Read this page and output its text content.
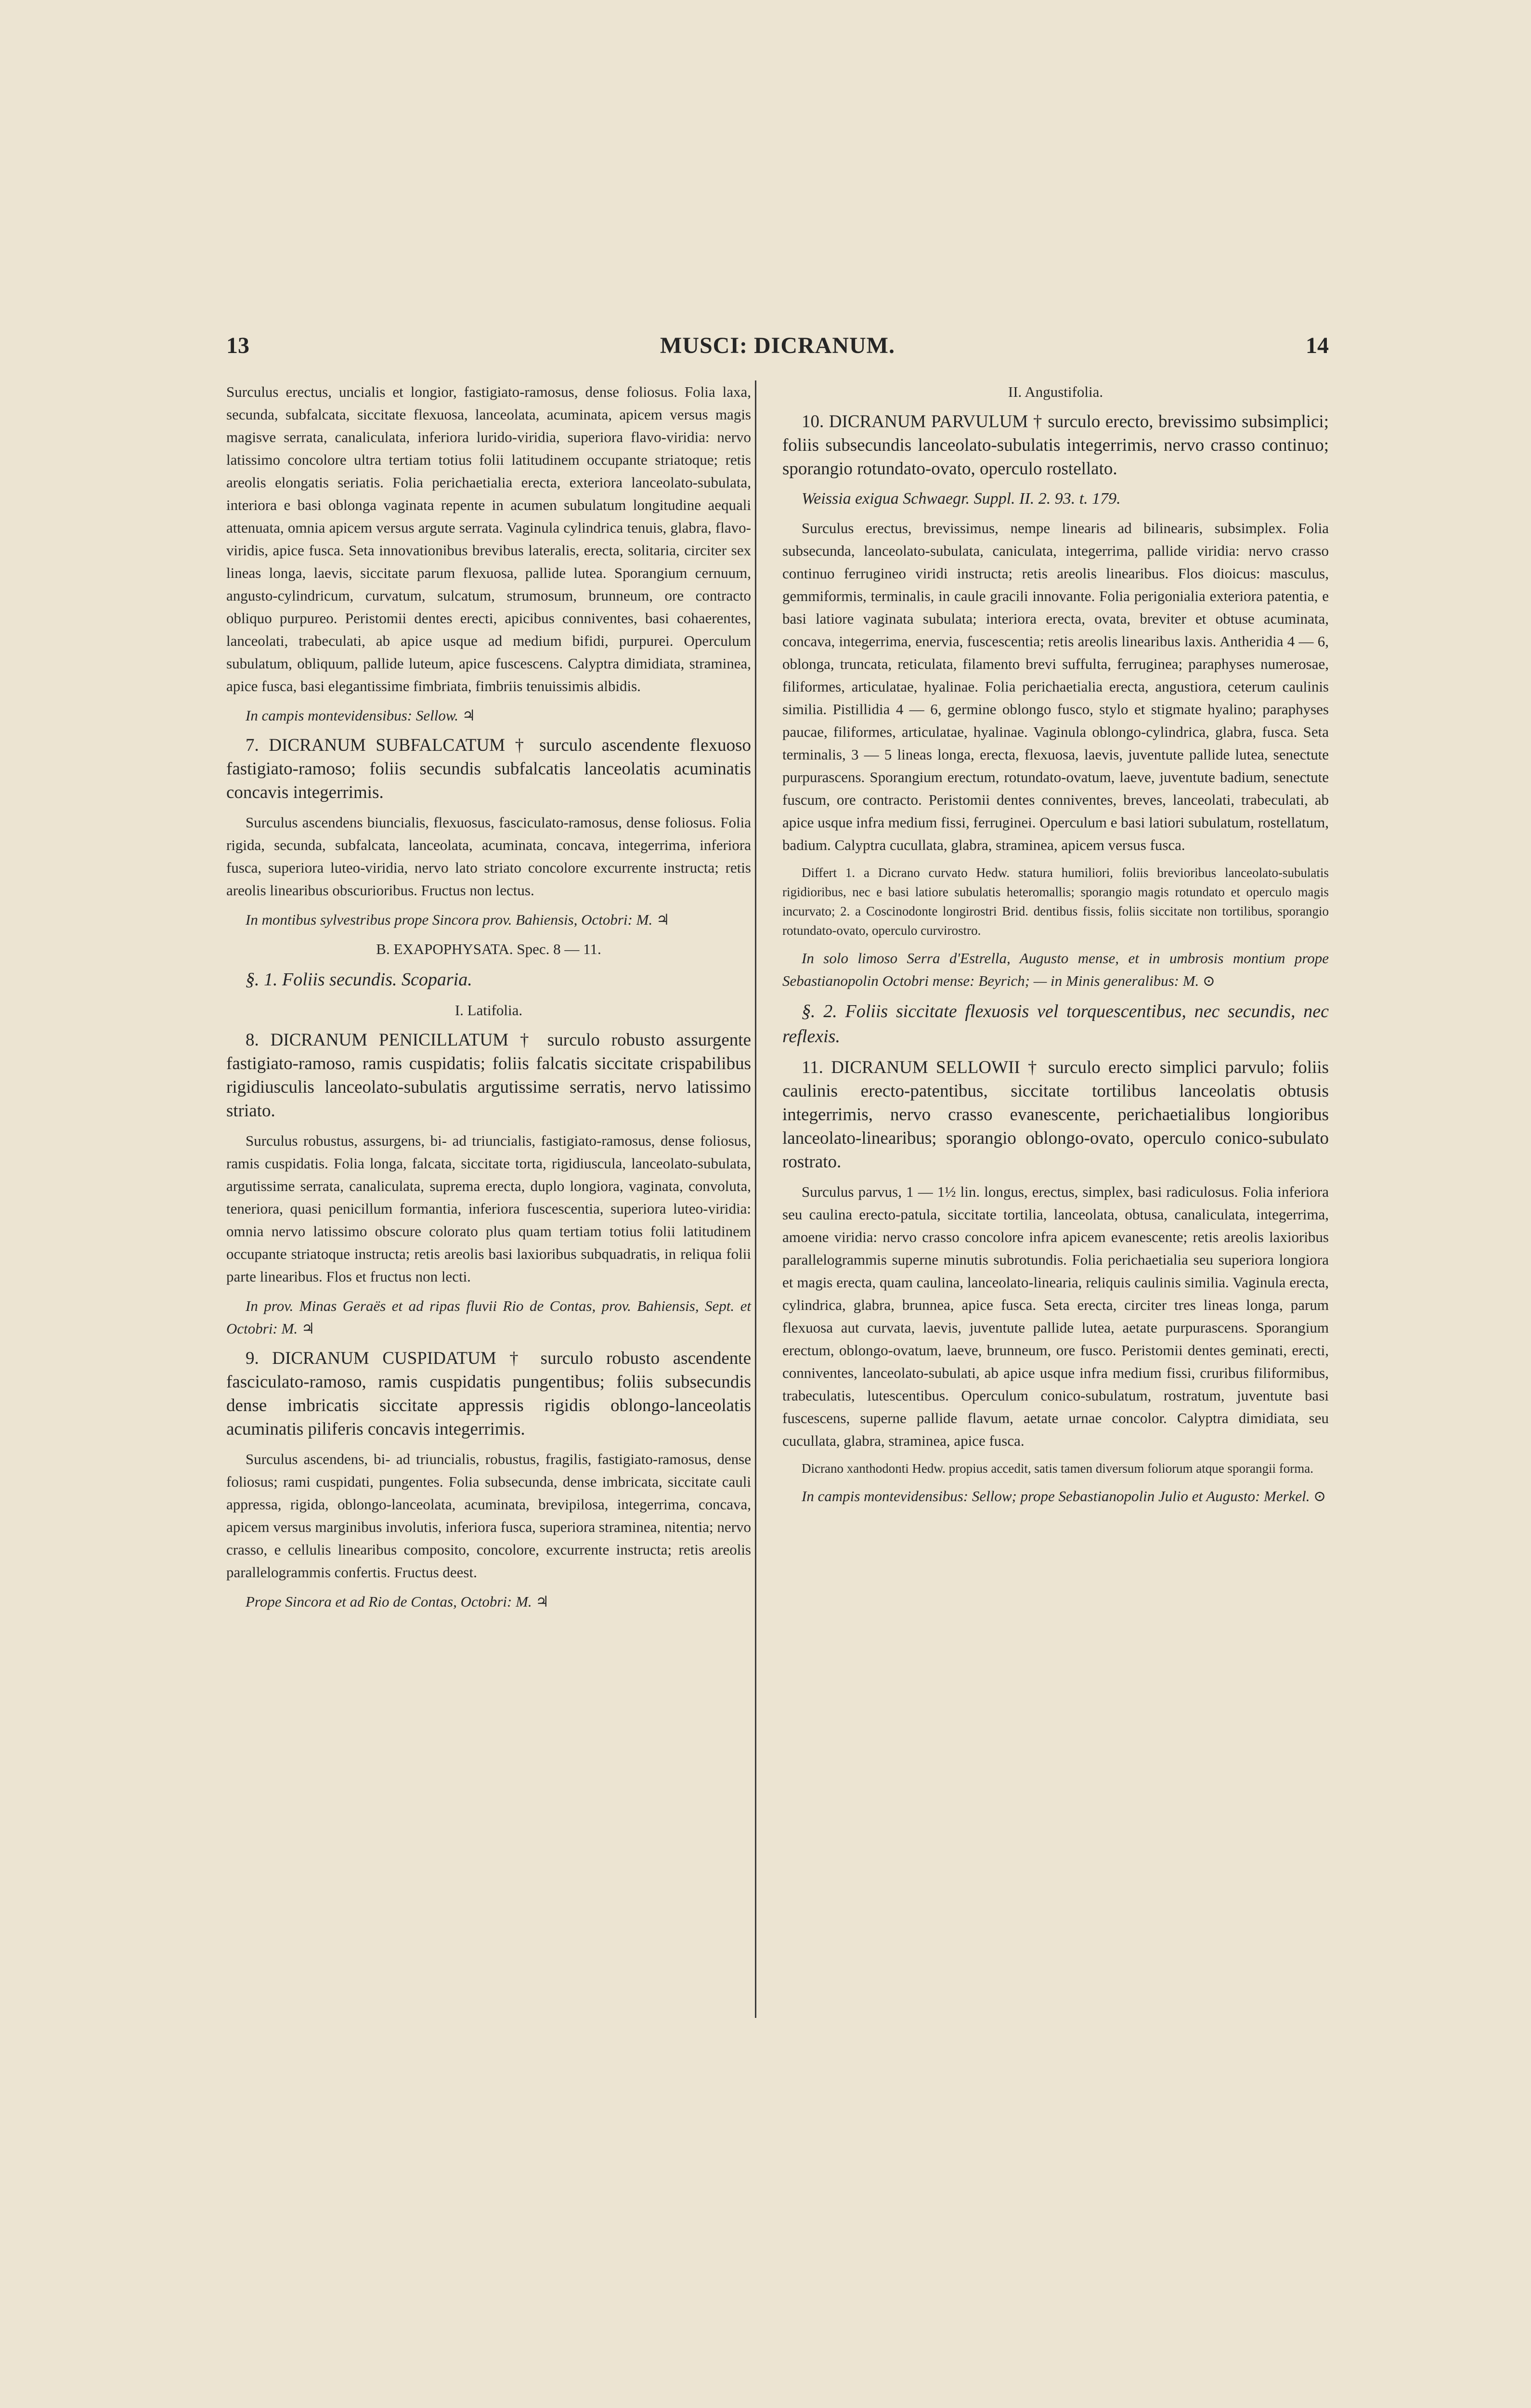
13	MUSCI: DICRANUM.	14

Surculus erectus, uncialis et longior, fastigiato-ramosus, dense foliosus. Folia laxa, secunda, subfalcata, siccitate flexuosa, lanceolata, acuminata, apicem versus magis magisve serrata, canaliculata, inferiora lurido-viridia, superiora flavo-viridia: nervo latissimo concolore ultra tertiam totius folii latitudinem occupante striatoque; retis areolis elongatis seriatis. Folia perichaetialia erecta, exteriora lanceolato-subulata, interiora e basi oblonga vaginata repente in acumen subulatum longitudine aequali attenuata, omnia apicem versus argute serrata. Vaginula cylindrica tenuis, glabra, flavo-viridis, apice fusca. Seta innovationibus brevibus lateralis, erecta, solitaria, circiter sex lineas longa, laevis, siccitate parum flexuosa, pallide lutea. Sporangium cernuum, angusto-cylindricum, curvatum, sulcatum, strumosum, brunneum, ore contracto obliquo purpureo. Peristomii dentes erecti, apicibus conniventes, basi cohaerentes, lanceolati, trabeculati, ab apice usque ad medium bifidi, purpurei. Operculum subulatum, obliquum, pallide luteum, apice fuscescens. Calyptra dimidiata, straminea, apice fusca, basi elegantissime fimbriata, fimbriis tenuissimis albidis.

In campis montevidensibus: Sellow. ♃

7. DICRANUM SUBFALCATUM † surculo ascendente flexuoso fastigiato-ramoso; foliis secundis subfalcatis lanceolatis acuminatis concavis integerrimis.

Surculus ascendens biuncialis, flexuosus, fasciculato-ramosus, dense foliosus. Folia rigida, secunda, subfalcata, lanceolata, acuminata, concava, integerrima, inferiora fusca, superiora luteo-viridia, nervo lato striato concolore excurrente instructa; retis areolis linearibus obscurioribus. Fructus non lectus.

In montibus sylvestribus prope Sincora prov. Bahiensis, Octobri: M. ♃

B. EXAPOPHYSATA. Spec. 8 — 11.

§. 1. Foliis secundis. Scoparia.

I. Latifolia.

8. DICRANUM PENICILLATUM † surculo robusto assurgente fastigiato-ramoso, ramis cuspidatis; foliis falcatis siccitate crispabilibus rigidiusculis lanceolato-subulatis argutissime serratis, nervo latissimo striato.

Surculus robustus, assurgens, bi- ad triuncialis, fastigiato-ramosus, dense foliosus, ramis cuspidatis. Folia longa, falcata, siccitate torta, rigidiuscula, lanceolato-subulata, argutissime serrata, canaliculata, suprema erecta, duplo longiora, vaginata, convoluta, teneriora, quasi penicillum formantia, inferiora fuscescentia, superiora luteo-viridia: omnia nervo latissimo obscure colorato plus quam tertiam totius folii latitudinem occupante striatoque instructa; retis areolis basi laxioribus subquadratis, in reliqua folii parte linearibus. Flos et fructus non lecti.

In prov. Minas Geraës et ad ripas fluvii Rio de Contas, prov. Bahiensis, Sept. et Octobri: M. ♃

9. DICRANUM CUSPIDATUM † surculo robusto ascendente fasciculato-ramoso, ramis cuspidatis pungentibus; foliis subsecundis dense imbricatis siccitate appressis rigidis oblongo-lanceolatis acuminatis piliferis concavis integerrimis.

Surculus ascendens, bi- ad triuncialis, robustus, fragilis, fastigiato-ramosus, dense foliosus; rami cuspidati, pungentes. Folia subsecunda, dense imbricata, siccitate cauli appressa, rigida, oblongo-lanceolata, acuminata, brevipilosa, integerrima, concava, apicem versus marginibus involutis, inferiora fusca, superiora straminea, nitentia; nervo crasso, e cellulis linearibus composito, concolore, excurrente instructa; retis areolis parallelogrammis confertis. Fructus deest.

Prope Sincora et ad Rio de Contas, Octobri: M. ♃

II. Angustifolia.

10. DICRANUM PARVULUM † surculo erecto, brevissimo subsimplici; foliis subsecundis lanceolato-subulatis integerrimis, nervo crasso continuo; sporangio rotundato-ovato, operculo rostellato.

Weissia exigua Schwaegr. Suppl. II. 2. 93. t. 179.

Surculus erectus, brevissimus, nempe linearis ad bilinearis, subsimplex. Folia subsecunda, lanceolato-subulata, caniculata, integerrima, pallide viridia: nervo crasso continuo ferrugineo viridi instructa; retis areolis linearibus. Flos dioicus: masculus, gemmiformis, terminalis, in caule gracili innovante. Folia perigonialia exteriora patentia, e basi latiore vaginata subulata; interiora erecta, ovata, breviter et obtuse acuminata, concava, integerrima, enervia, fuscescentia; retis areolis linearibus laxis. Antheridia 4 — 6, oblonga, truncata, reticulata, filamento brevi suffulta, ferruginea; paraphyses numerosae, filiformes, articulatae, hyalinae. Folia perichaetialia erecta, angustiora, ceterum caulinis similia. Pistillidia 4 — 6, germine oblongo fusco, stylo et stigmate hyalino; paraphyses paucae, filiformes, articulatae, hyalinae. Vaginula oblongo-cylindrica, glabra, fusca. Seta terminalis, 3 — 5 lineas longa, erecta, flexuosa, laevis, juventute pallide lutea, senectute purpurascens. Sporangium erectum, rotundato-ovatum, laeve, juventute badium, senectute fuscum, ore contracto. Peristomii dentes conniventes, breves, lanceolati, trabeculati, ab apice usque infra medium fissi, ferruginei. Operculum e basi latiori subulatum, rostellatum, badium. Calyptra cucullata, glabra, straminea, apicem versus fusca.

Differt 1. a Dicrano curvato Hedw. statura humiliori, foliis brevioribus lanceolato-subulatis rigidioribus, nec e basi latiore subulatis heteromallis; sporangio magis rotundato et operculo magis incurvato; 2. a Coscinodonte longirostri Brid. dentibus fissis, foliis siccitate non tortilibus, sporangio rotundato-ovato, operculo curvirostro.

In solo limoso Serra d'Estrella, Augusto mense, et in umbrosis montium prope Sebastianopolin Octobri mense: Beyrich; — in Minis generalibus: M. ⊙

§. 2. Foliis siccitate flexuosis vel torquescentibus, nec secundis, nec reflexis.

11. DICRANUM SELLOWII † surculo erecto simplici parvulo; foliis caulinis erecto-patentibus, siccitate tortilibus lanceolatis obtusis integerrimis, nervo crasso evanescente, perichaetialibus longioribus lanceolato-linearibus; sporangio oblongo-ovato, operculo conico-subulato rostrato.

Surculus parvus, 1 — 1½ lin. longus, erectus, simplex, basi radiculosus. Folia inferiora seu caulina erecto-patula, siccitate tortilia, lanceolata, obtusa, canaliculata, integerrima, amoene viridia: nervo crasso concolore infra apicem evanescente; retis areolis laxioribus parallelogrammis superne minutis subrotundis. Folia perichaetialia seu superiora longiora et magis erecta, quam caulina, lanceolato-linearia, reliquis caulinis similia. Vaginula erecta, cylindrica, glabra, brunnea, apice fusca. Seta erecta, circiter tres lineas longa, parum flexuosa aut curvata, laevis, juventute pallide lutea, aetate purpurascens. Sporangium erectum, oblongo-ovatum, laeve, brunneum, ore fusco. Peristomii dentes geminati, erecti, conniventes, lanceolato-subulati, ab apice usque infra medium fissi, cruribus filiformibus, trabeculatis, lutescentibus. Operculum conico-subulatum, rostratum, juventute basi fuscescens, superne pallide flavum, aetate urnae concolor. Calyptra dimidiata, seu cucullata, glabra, straminea, apice fusca.

Dicrano xanthodonti Hedw. propius accedit, satis tamen diversum foliorum atque sporangii forma.

In campis montevidensibus: Sellow; prope Sebastianopolin Julio et Augusto: Merkel. ⊙
